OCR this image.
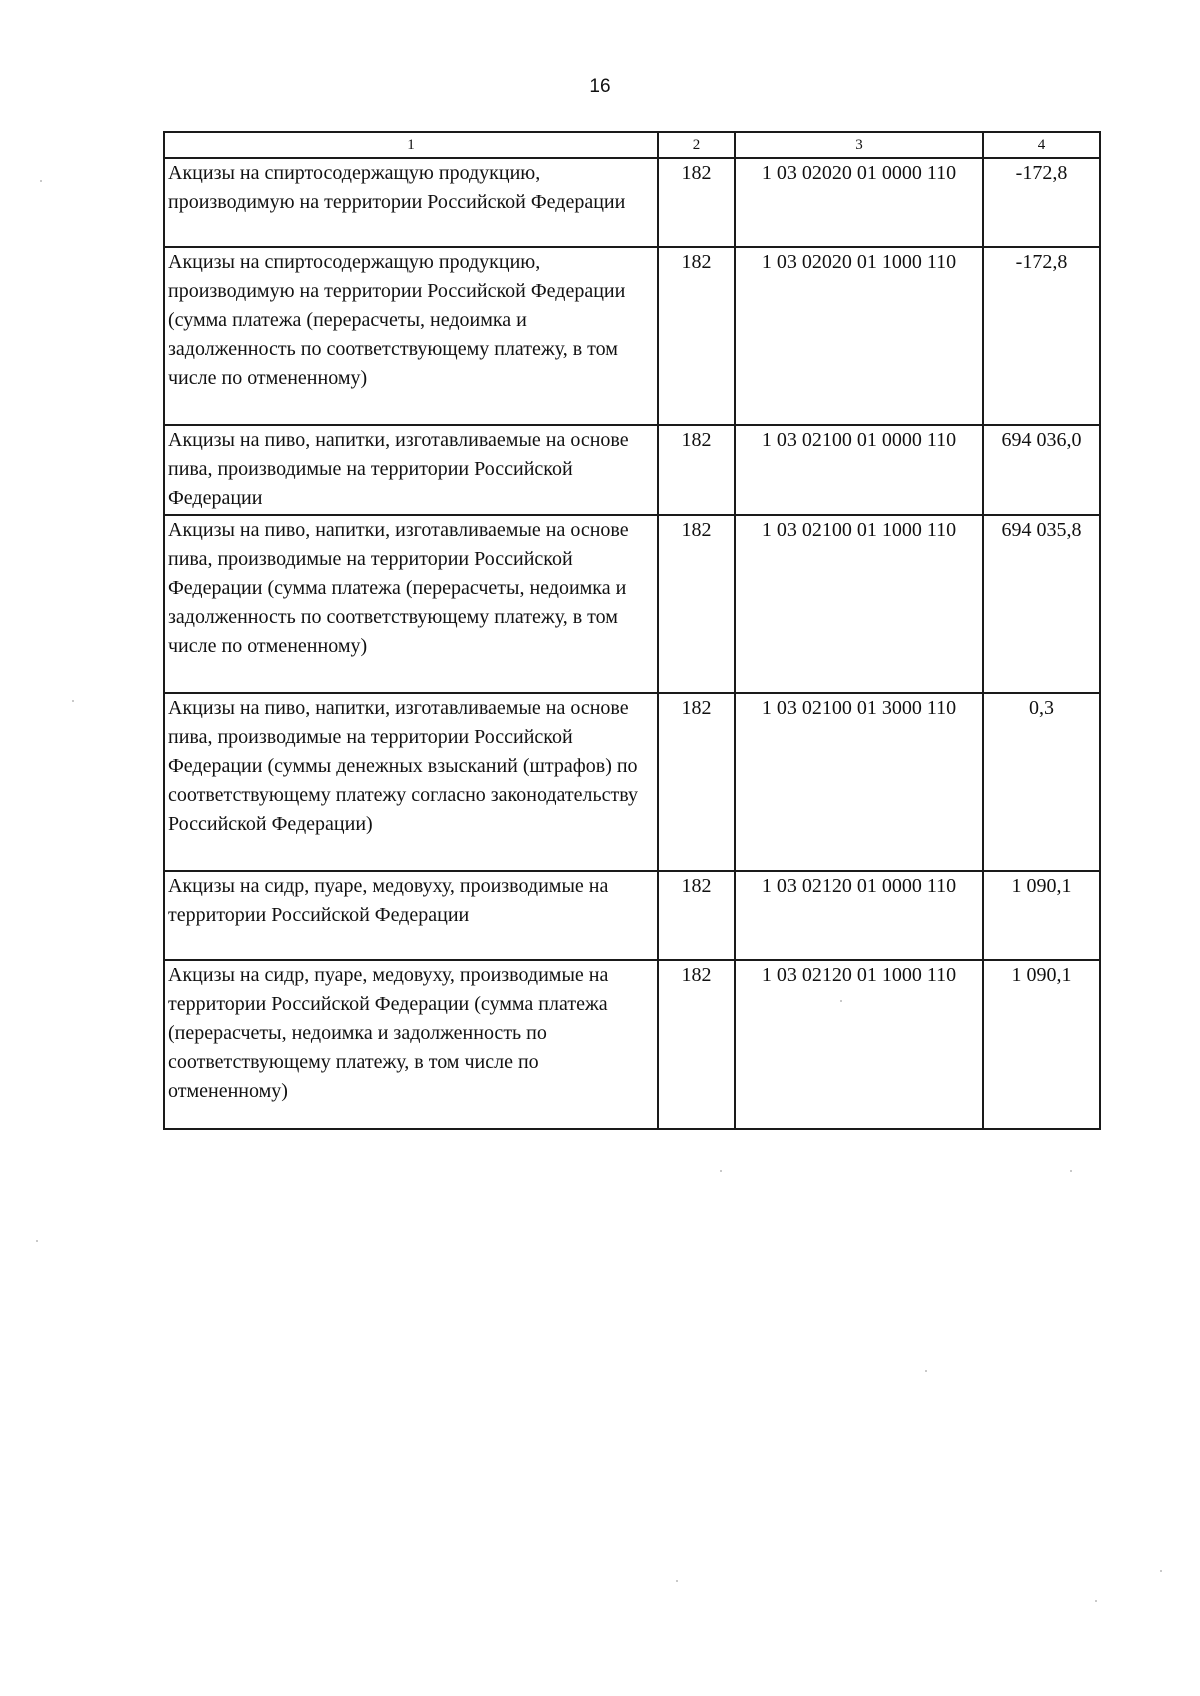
16
1	2	3	4
Акцизы на спиртосодержащую продукцию, производимую на территории Российской Федерации	182	1 03 02020 01 0000 110	-172,8
Акцизы на спиртосодержащую продукцию, производимую на территории Российской Федерации (сумма платежа (перерасчеты, недоимка и задолженность по соответствующему платежу, в том числе по отмененному)	182	1 03 02020 01 1000 110	-172,8
Акцизы на пиво, напитки, изготавливаемые на основе пива, производимые на территории Российской Федерации	182	1 03 02100 01 0000 110	694 036,0
Акцизы на пиво, напитки, изготавливаемые на основе пива, производимые на территории Российской Федерации (сумма платежа (перерасчеты, недоимка и задолженность по соответствующему платежу, в том числе по отмененному)	182	1 03 02100 01 1000 110	694 035,8
Акцизы на пиво, напитки, изготавливаемые на основе пива, производимые на территории Российской Федерации (суммы денежных взысканий (штрафов) по соответствующему платежу согласно законодательству Российской Федерации)	182	1 03 02100 01 3000 110	0,3
Акцизы на сидр, пуаре, медовуху, производимые на территории Российской Федерации	182	1 03 02120 01 0000 110	1 090,1
Акцизы на сидр, пуаре, медовуху, производимые на территории Российской Федерации (сумма платежа (перерасчеты, недоимка и задолженность по соответствующему платежу, в том числе по отмененному)	182	1 03 02120 01 1000 110	1 090,1
